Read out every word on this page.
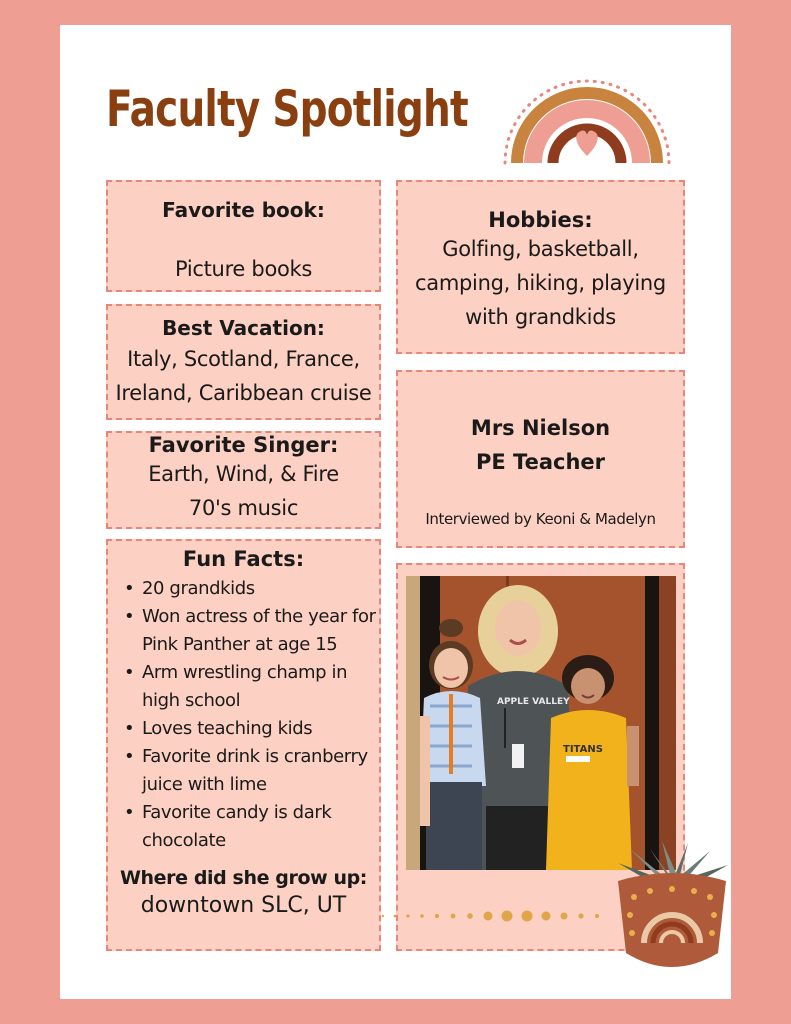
Faculty Spotlight
Favorite book:
Picture books
Best Vacation:
Italy, Scotland, France,
Ireland, Caribbean cruise
Favorite Singer:
Earth, Wind, & Fire
70's music
Fun Facts:
• 20 grandkids
• Won actress of the year for Pink Panther at age 15
• Arm wrestling champ in high school
• Loves teaching kids
• Favorite drink is cranberry juice with lime
• Favorite candy is dark chocolate
Where did she grow up:
downtown SLC, UT
Hobbies:
Golfing, basketball,
camping, hiking, playing
with grandkids
Mrs Nielson
PE Teacher
Interviewed by Keoni & Madelyn
APPLE VALLEY
TITANS
